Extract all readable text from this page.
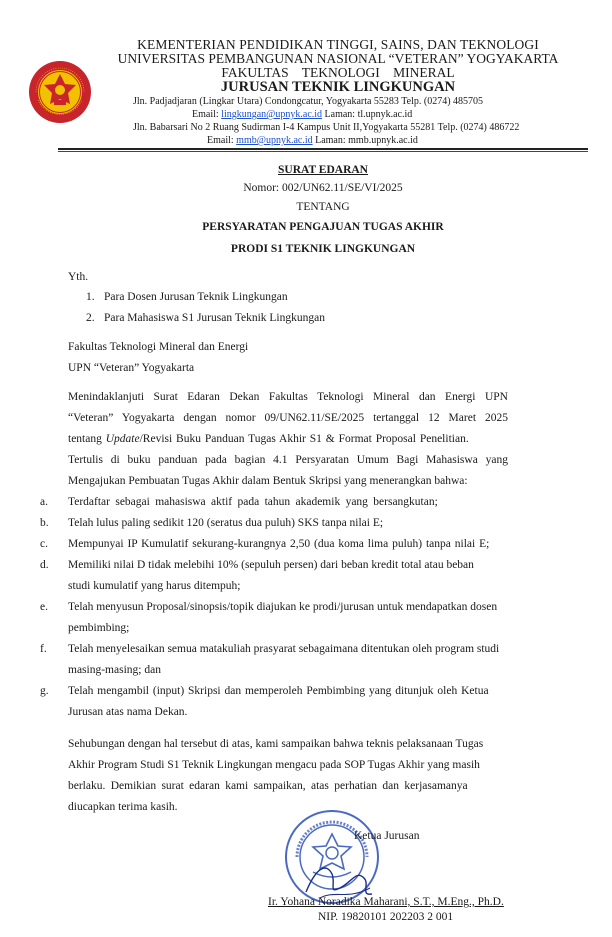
KEMENTERIAN PENDIDIKAN TINGGI, SAINS, DAN TEKNOLOGI
UNIVERSITAS PEMBANGUNAN NASIONAL “VETERAN” YOGYAKARTA
FAKULTAS TEKNOLOGI MINERAL
JURUSAN TEKNIK LINGKUNGAN
Jln. Padjadjaran (Lingkar Utara) Condongcatur, Yogyakarta 55283 Telp. (0274) 485705
Email: lingkungan@upnyk.ac.id Laman: tl.upnyk.ac.id
Jln. Babarsari No 2 Ruang Sudirman I-4 Kampus Unit II,Yogyakarta 55281 Telp. (0274) 486722
Email: mmb@upnyk.ac.id Laman: mmb.upnyk.ac.id
SURAT EDARAN
Nomor: 002/UN62.11/SE/VI/2025
TENTANG
PERSYARATAN PENGAJUAN TUGAS AKHIR
PRODI S1 TEKNIK LINGKUNGAN
Yth.
1. Para Dosen Jurusan Teknik Lingkungan
2. Para Mahasiswa S1 Jurusan Teknik Lingkungan
Fakultas Teknologi Mineral dan Energi
UPN “Veteran” Yogyakarta
Menindaklanjuti Surat Edaran Dekan Fakultas Teknologi Mineral dan Energi UPN
“Veteran” Yogyakarta dengan nomor 09/UN62.11/SE/2025 tertanggal 12 Maret 2025
tentang Update/Revisi Buku Panduan Tugas Akhir S1 & Format Proposal Penelitian.
Tertulis di buku panduan pada bagian 4.1 Persyaratan Umum Bagi Mahasiswa yang
Mengajukan Pembuatan Tugas Akhir dalam Bentuk Skripsi yang menerangkan bahwa:
a. Terdaftar sebagai mahasiswa aktif pada tahun akademik yang bersangkutan;
b. Telah lulus paling sedikit 120 (seratus dua puluh) SKS tanpa nilai E;
c. Mempunyai IP Kumulatif sekurang-kurangnya 2,50 (dua koma lima puluh) tanpa nilai E;
d. Memiliki nilai D tidak melebihi 10% (sepuluh persen) dari beban kredit total atau beban
studi kumulatif yang harus ditempuh;
e. Telah menyusun Proposal/sinopsis/topik diajukan ke prodi/jurusan untuk mendapatkan dosen
pembimbing;
f. Telah menyelesaikan semua matakuliah prasyarat sebagaimana ditentukan oleh program studi
masing-masing; dan
g. Telah mengambil (input) Skripsi dan memperoleh Pembimbing yang ditunjuk oleh Ketua
Jurusan atas nama Dekan.
Sehubungan dengan hal tersebut di atas, kami sampaikan bahwa teknis pelaksanaan Tugas
Akhir Program Studi S1 Teknik Lingkungan mengacu pada SOP Tugas Akhir yang masih
berlaku. Demikian surat edaran kami sampaikan, atas perhatian dan kerjasamanya
diucapkan terima kasih.
Ketua Jurusan
Ir. Yohana Noradika Maharani, S.T., M.Eng., Ph.D.
NIP. 19820101 202203 2 001
